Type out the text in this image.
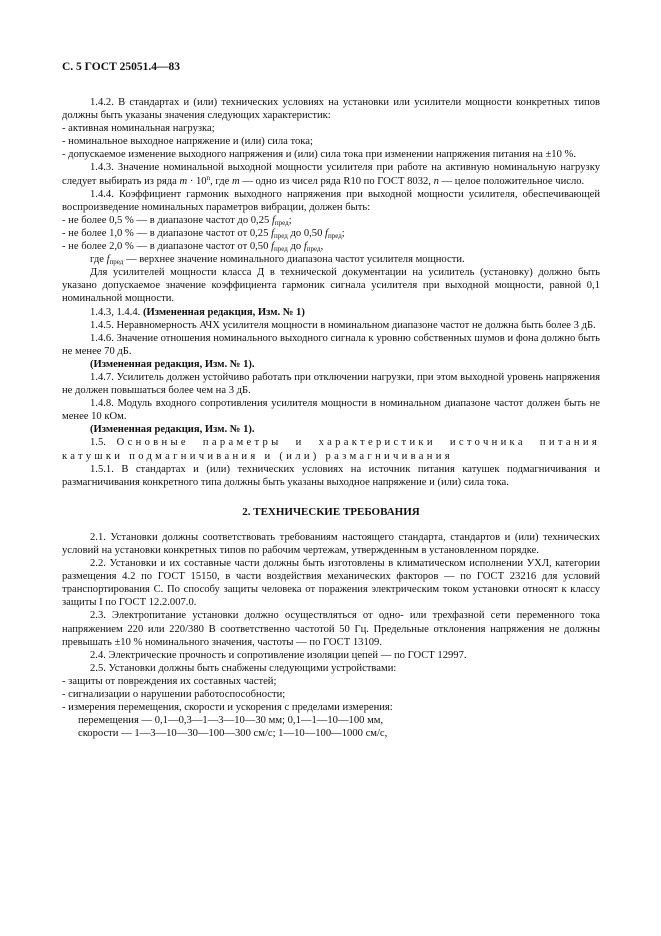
С. 5 ГОСТ 25051.4—83

1.4.2. В стандартах и (или) технических условиях на установки или усилители мощности конкретных типов должны быть указаны значения следующих характеристик:

- активная номинальная нагрузка;

- номинальное выходное напряжение и (или) сила тока;

- допускаемое изменение выходного напряжения и (или) сила тока при изменении напряжения питания на ±10 %.

1.4.3. Значение номинальной выходной мощности усилителя при работе на активную номинальную нагрузку следует выбирать из ряда $m \cdot 10^n$, где m — одно из чисел ряда R10 по ГОСТ 8032, n — целое положительное число.

1.4.4. Коэффициент гармоник выходного напряжения при выходной мощности усилителя, обеспечивающей воспроизведение номинальных параметров вибрации, должен быть:

- не более 0,5 % — в диапазоне частот до 0,25 $f_{пред}$;

- не более 1,0 % — в диапазоне частот от 0,25 $f_{пред}$ до 0,50 $f_{пред}$;

- не более 2,0 % — в диапазоне частот от 0,50 $f_{пред}$ до $f_{пред}$,

где $f_{пред}$ — верхнее значение номинального диапазона частот усилителя мощности.

Для усилителей мощности класса Д в технической документации на усилитель (установку) должно быть указано допускаемое значение коэффициента гармоник сигнала усилителя при выходной мощности, равной 0,1 номинальной мощности.

1.4.3, 1.4.4. (Измененная редакция, Изм. № 1)

1.4.5. Неравномерность АЧХ усилителя мощности в номинальном диапазоне частот не должна быть более 3 дБ.

1.4.6. Значение отношения номинального выходного сигнала к уровню собственных шумов и фона должно быть не менее 70 дБ.

(Измененная редакция, Изм. № 1).

1.4.7. Усилитель должен устойчиво работать при отключении нагрузки, при этом выходной уровень напряжения не должен повышаться более чем на 3 дБ.

1.4.8. Модуль входного сопротивления усилителя мощности в номинальном диапазоне частот должен быть не менее 10 кОм.

(Измененная редакция, Изм. № 1).

1.5. Основные параметры и характеристики источника питания катушки подмагничивания и (или) размагничивания

1.5.1. В стандартах и (или) технических условиях на источник питания катушек подмагничивания и размагничивания конкретного типа должны быть указаны выходное напряжение и (или) сила тока.

2. ТЕХНИЧЕСКИЕ ТРЕБОВАНИЯ

2.1. Установки должны соответствовать требованиям настоящего стандарта, стандартов и (или) технических условий на установки конкретных типов по рабочим чертежам, утвержденным в установленном порядке.

2.2. Установки и их составные части должны быть изготовлены в климатическом исполнении УХЛ, категории размещения 4.2 по ГОСТ 15150, в части воздействия механических факторов — по ГОСТ 23216 для условий транспортирования С. По способу защиты человека от поражения электрическим током установки относят к классу защиты I по ГОСТ 12.2.007.0.

2.3. Электропитание установки должно осуществляться от одно- или трехфазной сети переменного тока напряжением 220 или 220/380 В соответственно частотой 50 Гц. Предельные отклонения напряжения не должны превышать ±10 % номинального значения, частоты — по ГОСТ 13109.

2.4. Электрические прочность и сопротивление изоляции цепей — по ГОСТ 12997.

2.5. Установки должны быть снабжены следующими устройствами:

- защиты от повреждения их составных частей;

- сигнализации о нарушении работоспособности;

- измерения перемещения, скорости и ускорения с пределами измерения:

перемещения — 0,1—0,3—1—3—10—30 мм; 0,1—1—10—100 мм,

скорости — 1—3—10—30—100—300 см/с; 1—10—100—1000 см/с,
